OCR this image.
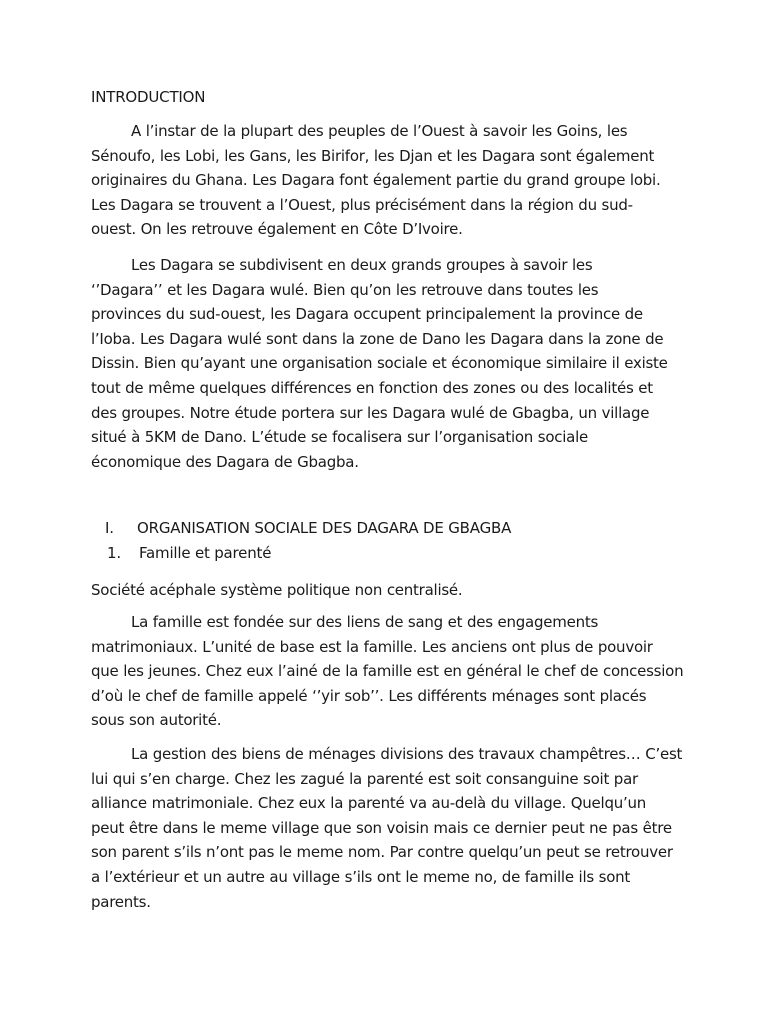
INTRODUCTION

A l’instar de la plupart des peuples de l’Ouest à savoir les Goins, les
Sénoufo, les Lobi, les Gans, les Birifor, les Djan et les Dagara sont également
originaires du Ghana. Les Dagara font également partie du grand groupe lobi.
Les Dagara se trouvent a l’Ouest, plus précisément dans la région du sud-
ouest. On les retrouve également en Côte D’Ivoire.

Les Dagara se subdivisent en deux grands groupes à savoir les
‘’Dagara’’ et les Dagara wulé. Bien qu’on les retrouve dans toutes les
provinces du sud-ouest, les Dagara occupent principalement la province de
l’Ioba. Les Dagara wulé sont dans la zone de Dano les Dagara dans la zone de
Dissin. Bien qu’ayant une organisation sociale et économique similaire il existe
tout de même quelques différences en fonction des zones ou des localités et
des groupes. Notre étude portera sur les Dagara wulé de Gbagba, un village
situé à 5KM de Dano. L’étude se focalisera sur l’organisation sociale
économique des Dagara de Gbagba.

I. ORGANISATION SOCIALE DES DAGARA DE GBAGBA
1. Famille et parenté

Société acéphale système politique non centralisé.

La famille est fondée sur des liens de sang et des engagements
matrimoniaux. L’unité de base est la famille. Les anciens ont plus de pouvoir
que les jeunes. Chez eux l’ainé de la famille est en général le chef de concession
d’où le chef de famille appelé ‘’yir sob’’. Les différents ménages sont placés
sous son autorité.

La gestion des biens de ménages divisions des travaux champêtres… C’est
lui qui s’en charge. Chez les zagué la parenté est soit consanguine soit par
alliance matrimoniale. Chez eux la parenté va au-delà du village. Quelqu’un
peut être dans le meme village que son voisin mais ce dernier peut ne pas être
son parent s’ils n’ont pas le meme nom. Par contre quelqu’un peut se retrouver
a l’extérieur et un autre au village s’ils ont le meme no, de famille ils sont
parents.
